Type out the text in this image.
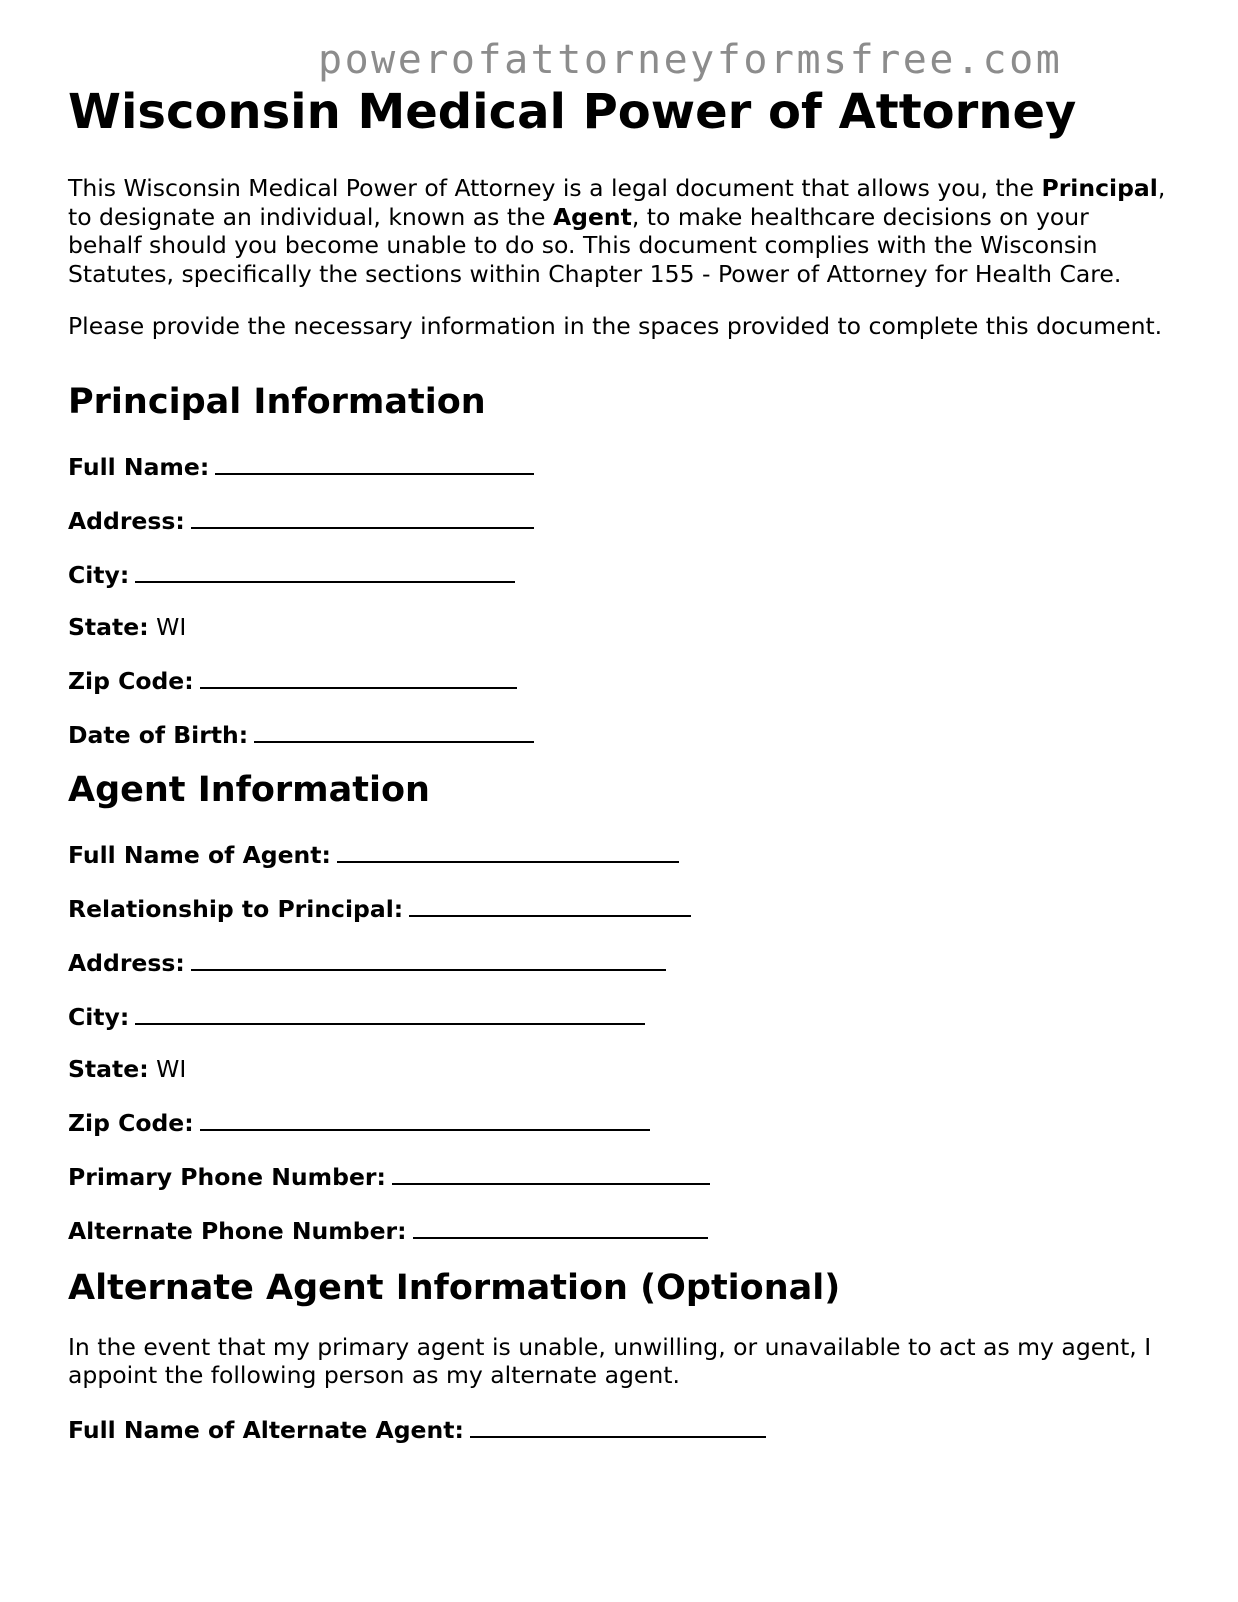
powerofattorneyformsfree.com
Wisconsin Medical Power of Attorney

This Wisconsin Medical Power of Attorney is a legal document that allows you, the Principal, to designate an individual, known as the Agent, to make healthcare decisions on your behalf should you become unable to do so. This document complies with the Wisconsin Statutes, specifically the sections within Chapter 155 - Power of Attorney for Health Care.

Please provide the necessary information in the spaces provided to complete this document.

Principal Information
Full Name:
Address:
City:
State: WI
Zip Code:
Date of Birth:
Agent Information
Full Name of Agent:
Relationship to Principal:
Address:
City:
State: WI
Zip Code:
Primary Phone Number:
Alternate Phone Number:
Alternate Agent Information (Optional)

In the event that my primary agent is unable, unwilling, or unavailable to act as my agent, I appoint the following person as my alternate agent.

Full Name of Alternate Agent:
